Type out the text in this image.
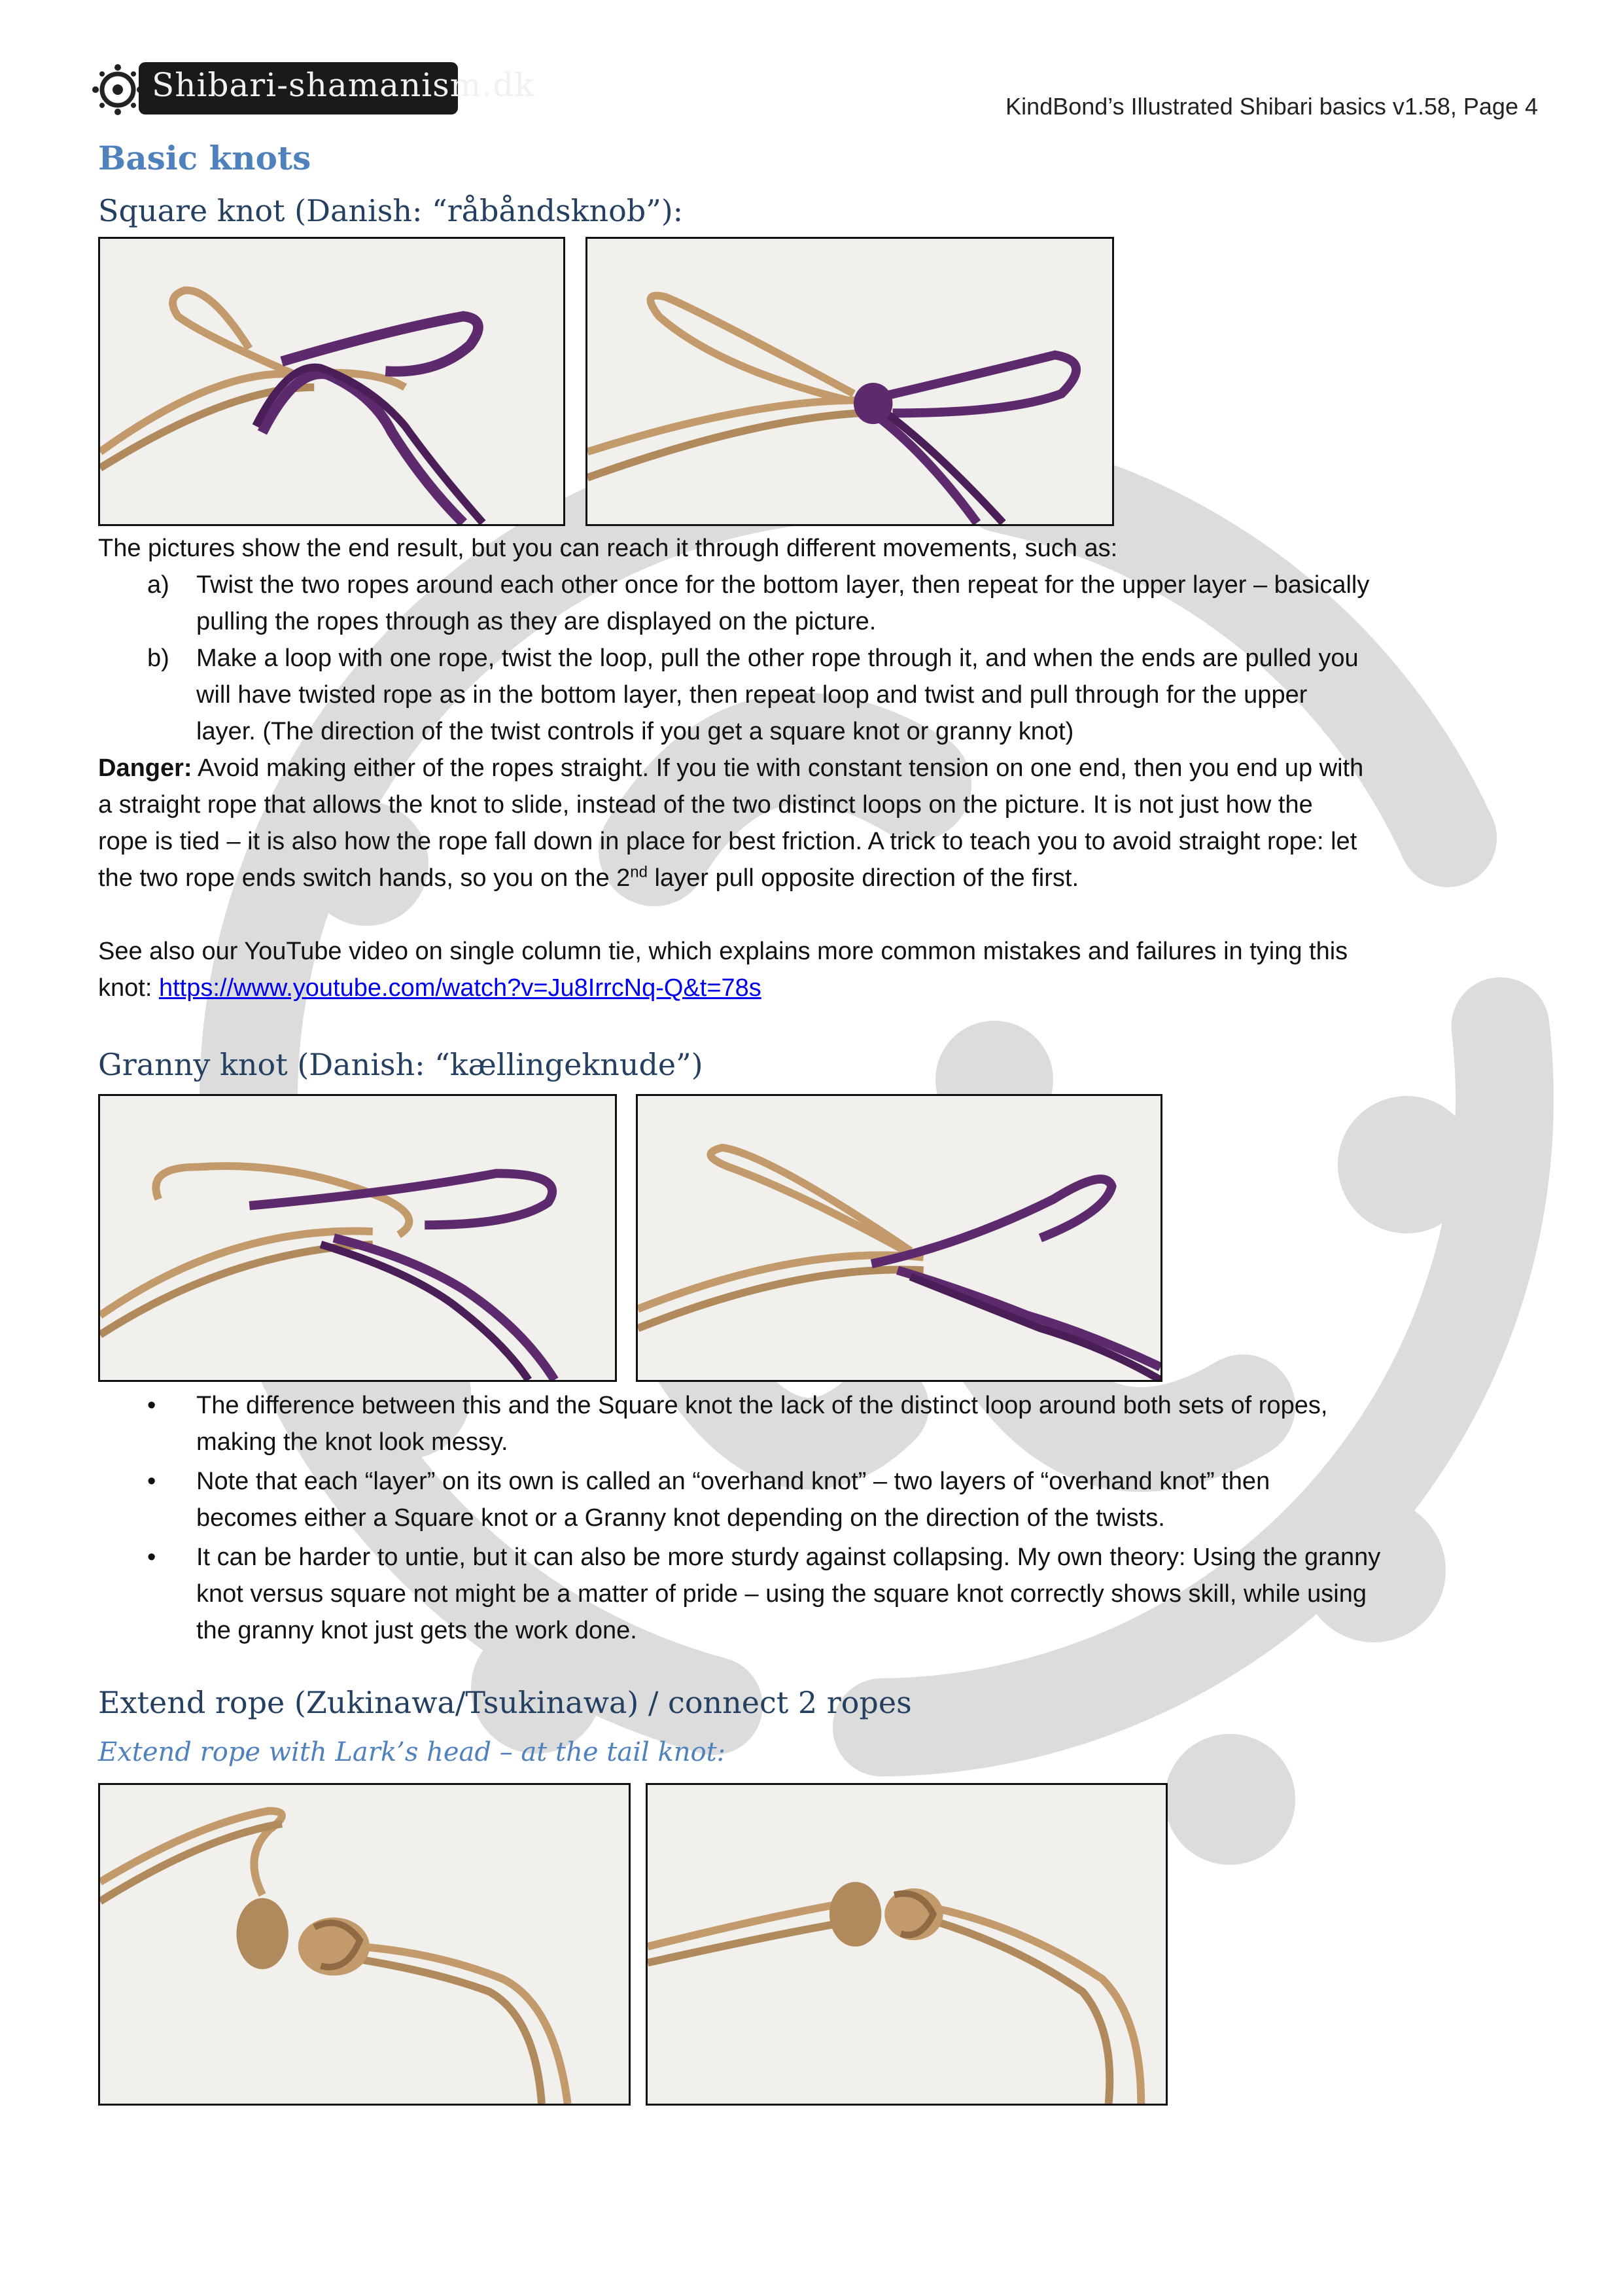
Shibari-shamanism.dk
KindBond’s Illustrated Shibari basics v1.58, Page 4
Basic knots
Square knot (Danish: “råbåndsknob”):

The pictures show the end result, but you can reach it through different movements, such as:

a) Twist the two ropes around each other once for the bottom layer, then repeat for the upper layer – basically
pulling the ropes through as they are displayed on the picture.
b) Make a loop with one rope, twist the loop, pull the other rope through it, and when the ends are pulled you
will have twisted rope as in the bottom layer, then repeat loop and twist and pull through for the upper
layer. (The direction of the twist controls if you get a square knot or granny knot)

Danger: Avoid making either of the ropes straight. If you tie with constant tension on one end, then you end up with

a straight rope that allows the knot to slide, instead of the two distinct loops on the picture. It is not just how the

rope is tied – it is also how the rope fall down in place for best friction. A trick to teach you to avoid straight rope: let

the two rope ends switch hands, so you on the 2nd layer pull opposite direction of the first.

See also our YouTube video on single column tie, which explains more common mistakes and failures in tying this

knot: https://www.youtube.com/watch?v=Ju8IrrcNq-Q&t=78s

Granny knot (Danish: “kællingeknude”)
• The difference between this and the Square knot the lack of the distinct loop around both sets of ropes,
making the knot look messy.
• Note that each “layer” on its own is called an “overhand knot” – two layers of “overhand knot” then
becomes either a Square knot or a Granny knot depending on the direction of the twists.
• It can be harder to untie, but it can also be more sturdy against collapsing. My own theory: Using the granny
knot versus square not might be a matter of pride – using the square knot correctly shows skill, while using
the granny knot just gets the work done.
Extend rope (Zukinawa/Tsukinawa) / connect 2 ropes
Extend rope with Lark’s head – at the tail knot:
